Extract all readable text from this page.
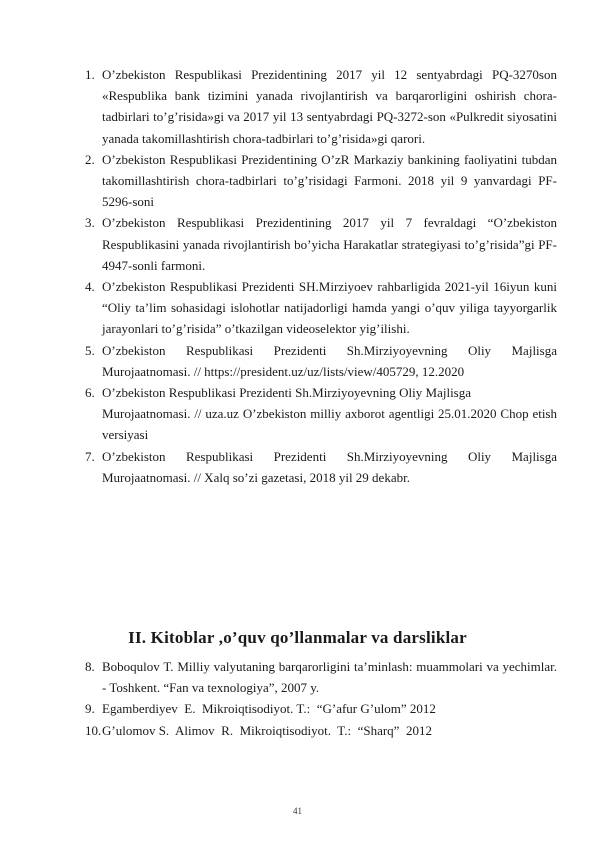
1. O’zbekiston Respublikasi Prezidentining 2017 yil 12 sentyabrdagi PQ-3270son «Respublika bank tizimini yanada rivojlantirish va barqarorligini oshirish chora-tadbirlari to’g’risida»gi va 2017 yil 13 sentyabrdagi PQ-3272-son «Pulkredit siyosatini yanada takomillashtirish chora-tadbirlari to’g’risida»gi qarori.

2. O’zbekiston Respublikasi Prezidentining O’zR Markaziy bankining faoliyatini tubdan takomillashtirish chora-tadbirlari to’g’risidagi Farmoni. 2018 yil 9 yanvardagi PF-5296-soni

3. O’zbekiston Respublikasi Prezidentining 2017 yil 7 fevraldagi “O’zbekiston Respublikasini yanada rivojlantirish bo’yicha Harakatlar strategiyasi to’g’risida”gi PF-4947-sonli farmoni.

4. O’zbekiston Respublikasi Prezidenti SH.Mirziyoev rahbarligida 2021-yil 16iyun kuni “Oliy ta’lim sohasidagi islohotlar natijadorligi hamda yangi o’quv yiliga tayyorgarlik jarayonlari to’g’risida” o’tkazilgan videoselektor yig’ilishi.

5. O’zbekiston Respublikasi Prezidenti Sh.Mirziyoyevning Oliy Majlisga Murojaatnomasi. // https://president.uz/uz/lists/view/405729, 12.2020

6. O’zbekiston Respublikasi Prezidenti Sh.Mirziyoyevning Oliy Majlisga
Murojaatnomasi. // uza.uz O’zbekiston milliy axborot agentligi 25.01.2020 Chop etish versiyasi

7. O’zbekiston Respublikasi Prezidenti Sh.Mirziyoyevning Oliy Majlisga Murojaatnomasi. // Xalq so’zi gazetasi, 2018 yil 29 dekabr.

II. Kitoblar ,o’quv qo’llanmalar va darsliklar

8. Boboqulov T. Milliy valyutaning barqarorligini ta’minlash: muammolari va yechimlar. - Toshkent. “Fan va texnologiya”, 2007 y.

9. Egamberdiyev  E.  Mikroiqtisodiyot. T.:  “G’afur G’ulom” 2012

10. G’ulomov S.  Alimov  R.  Mikroiqtisodiyot.  T.:  “Sharq”  2012

41
